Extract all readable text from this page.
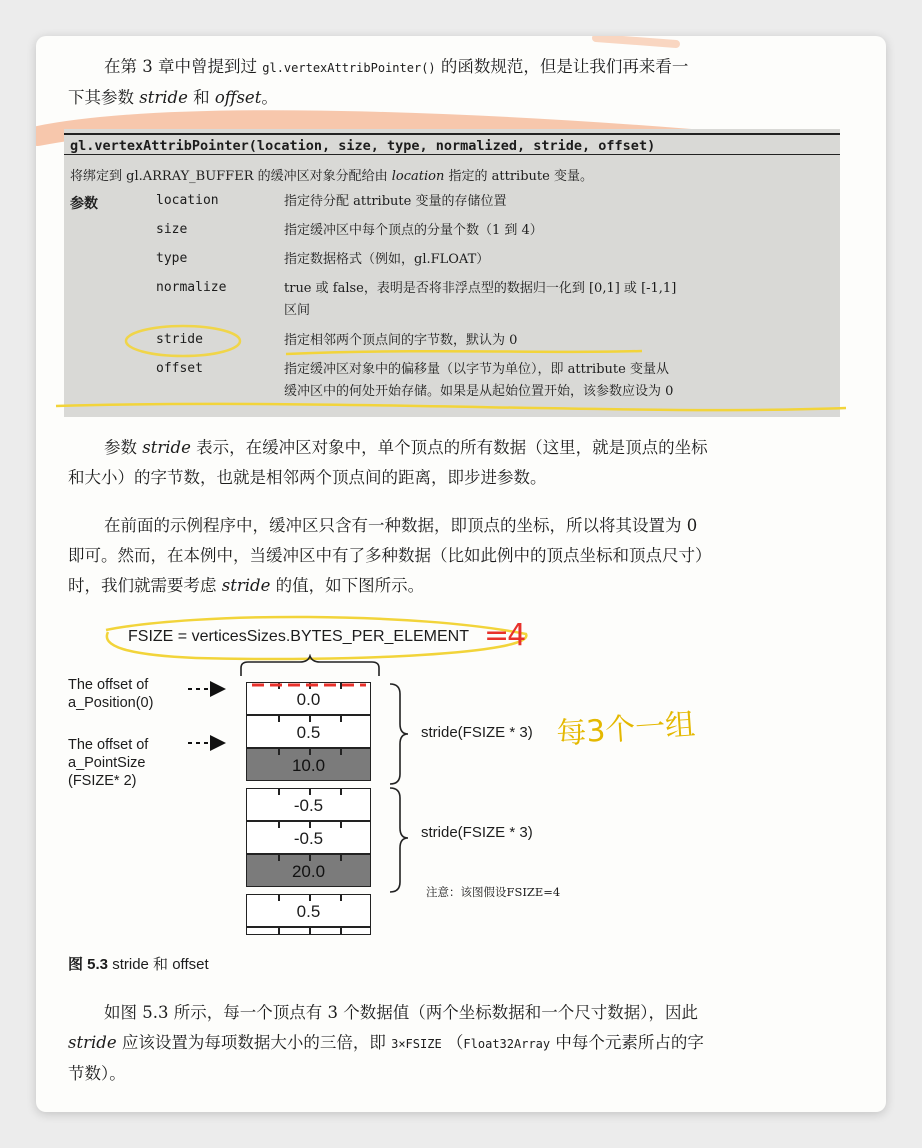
在第 3 章中曾提到过 gl.vertexAttribPointer() 的函数规范，但是让我们再来看一

下其参数 stride 和 offset。

gl.vertexAttribPointer(location, size, type, normalized, stride, offset)
将绑定到 gl.ARRAY_BUFFER 的缓冲区对象分配给由 location 指定的 attribute 变量。
参数	location	指定待分配 attribute 变量的存储位置
size	指定缓冲区中每个顶点的分量个数（1 到 4）
type	指定数据格式（例如，gl.FLOAT）
normalize	true 或 false，表明是否将非浮点型的数据归一化到 [0,1] 或 [-1,1]
区间
stride	指定相邻两个顶点间的字节数，默认为 0
offset	指定缓冲区对象中的偏移量（以字节为单位），即 attribute 变量从
缓冲区中的何处开始存储。如果是从起始位置开始，该参数应设为 0

参数 stride 表示，在缓冲区对象中，单个顶点的所有数据（这里，就是顶点的坐标

和大小）的字节数，也就是相邻两个顶点间的距离，即步进参数。

在前面的示例程序中，缓冲区只含有一种数据，即顶点的坐标，所以将其设置为 0

即可。然而，在本例中，当缓冲区中有了多种数据（比如此例中的顶点坐标和顶点尺寸）

时，我们就需要考虑 stride 的值，如下图所示。

FSIZE = verticesSizes.BYTES_PER_ELEMENT =4
每3个一组
0.0
0.5
10.0
-0.5
-0.5
20.0
0.5
The offset of
a_Position(0)
The offset of
a_PointSize
(FSIZE* 2)
stride(FSIZE * 3)
stride(FSIZE * 3)
注意：该图假设FSIZE=4
图 5.3 stride 和 offset

如图 5.3 所示，每一个顶点有 3 个数据值（两个坐标数据和一个尺寸数据），因此

stride 应该设置为每项数据大小的三倍，即 3×FSIZE （Float32Array 中每个元素所占的字

节数）。
